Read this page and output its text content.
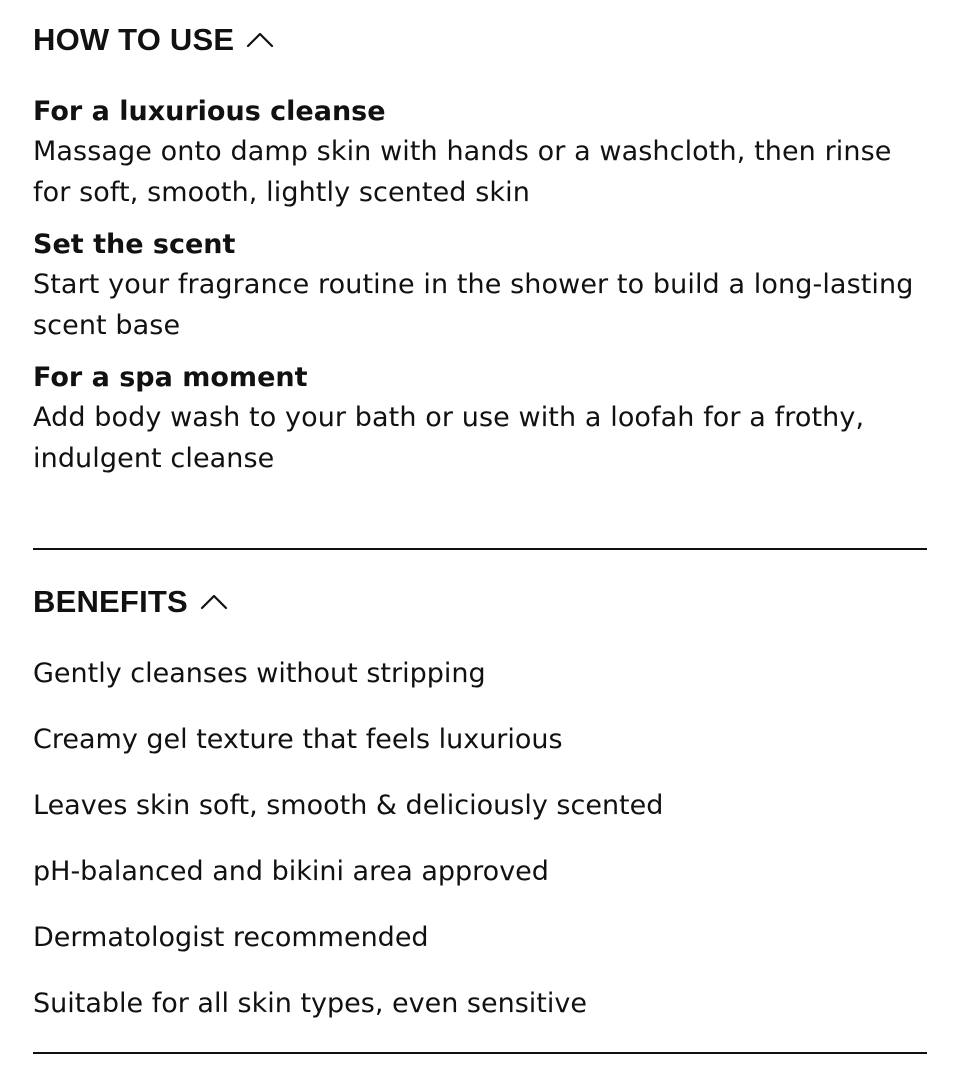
HOW TO USE
For a luxurious cleanse
Massage onto damp skin with hands or a washcloth, then rinse for soft, smooth, lightly scented skin
Set the scent
Start your fragrance routine in the shower to build a long-lasting scent base
For a spa moment
Add body wash to your bath or use with a loofah for a frothy, indulgent cleanse
BENEFITS
Gently cleanses without stripping
Creamy gel texture that feels luxurious
Leaves skin soft, smooth & deliciously scented
pH-balanced and bikini area approved
Dermatologist recommended
Suitable for all skin types, even sensitive
